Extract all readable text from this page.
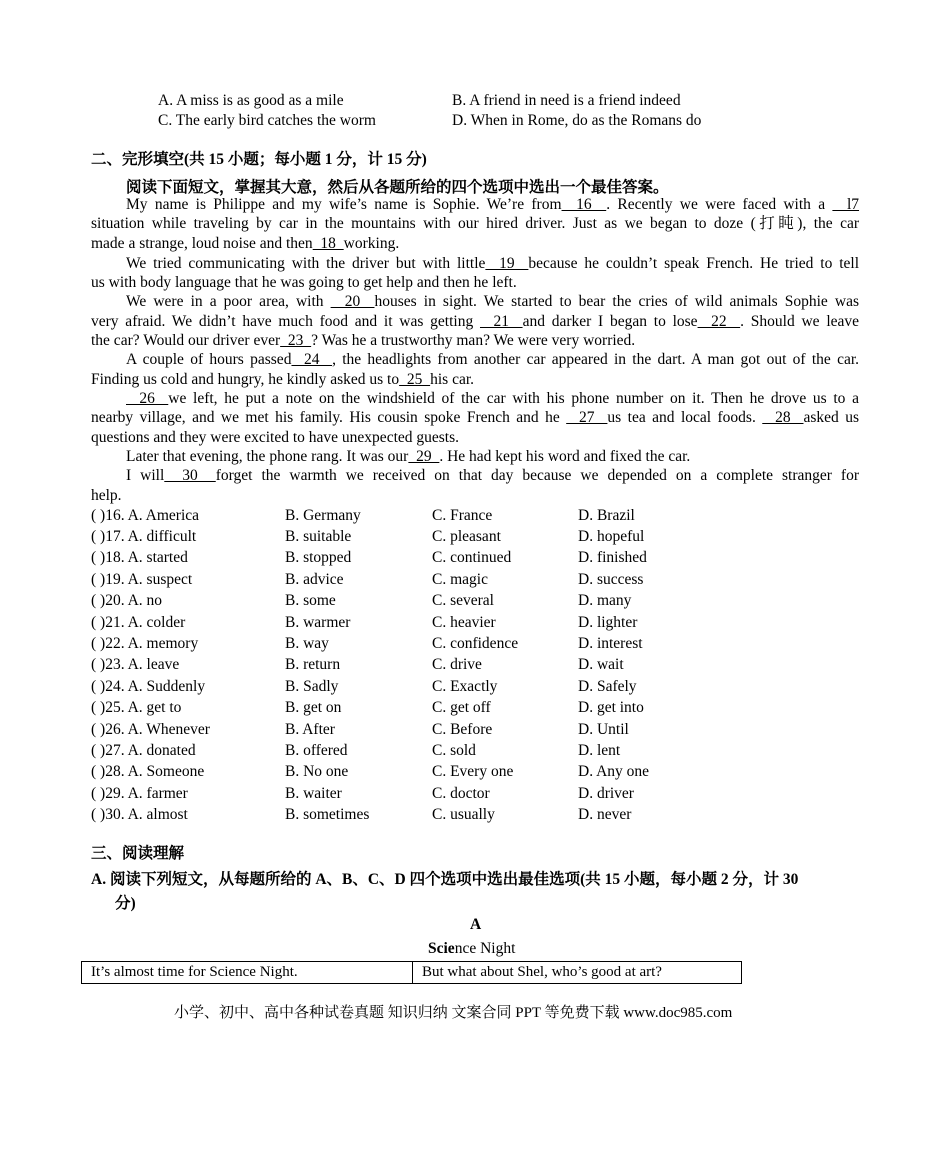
A. A miss is as good as a mile	B. A friend in need is a friend indeed
C. The early bird catches the worm	D. When in Rome, do as the Romans do
二、完形填空(共 15 小题；每小题 1 分，计 15 分)
阅读下面短文，掌握其大意，然后从各题所给的四个选项中选出一个最佳答案。
My name is Philippe and my wife’s name is Sophie. We’re from  16  . Recently we were faced with a   l7
situation while traveling by car in the mountains with our hired driver. Just as we began to doze (打盹), the car
made a strange, loud noise and then  18  working.
We tried communicating with the driver but with little  19  because he couldn’t speak French. He tried to tell
us with body language that he was going to get help and then he left.
We were in a poor area, with   20  houses in sight. We started to bear the cries of wild animals Sophie was
very afraid. We didn’t have much food and it was getting   21  and darker I began to lose  22  . Should we leave
the car? Would our driver ever  23  ? Was he a trustworthy man? We were very worried.
A couple of hours passed  24  , the headlights from another car appeared in the dart. A man got out of the car.
Finding us cold and hungry, he kindly asked us to  25  his car.
26  we left, he put a note on the windshield of the car with his phone number on it. Then he drove us to a
nearby village, and we met his family. His cousin spoke French and he   27  us tea and local foods.   28  asked us
questions and they were excited to have unexpected guests.
Later that evening, the phone rang. It was our  29  . He had kept his word and fixed the car.
I will  30  forget the warmth we received on that day because we depended on a complete stranger for
help.
( )16. A. America	B. Germany	C. France	D. Brazil
( )17. A. difficult	B. suitable	C. pleasant	D. hopeful
( )18. A. started	B. stopped	C. continued	D. finished
( )19. A. suspect	B. advice	C. magic	D. success
( )20. A. no	B. some	C. several	D. many
( )21. A. colder	B. warmer	C. heavier	D. lighter
( )22. A. memory	B. way	C. confidence	D. interest
( )23. A. leave	B. return	C. drive	D. wait
( )24. A. Suddenly	B. Sadly	C. Exactly	D. Safely
( )25. A. get to	B. get on	C. get off	D. get into
( )26. A. Whenever	B. After	C. Before	D. Until
( )27. A. donated	B. offered	C. sold	D. lent
( )28. A. Someone	B. No one	C. Every one	D. Any one
( )29. A. farmer	B. waiter	C. doctor	D. driver
( )30. A. almost	B. sometimes	C. usually	D. never
三、阅读理解
A. 阅读下列短文，从每题所给的 A、B、C、D 四个选项中选出最佳选项(共 15 小题，每小题 2 分，计 30
分)
A
Science Night
It’s almost time for Science Night.	But what about Shel, who’s good at art?
小学、初中、高中各种试卷真题 知识归纳 文案合同 PPT 等免费下载 www.doc985.com
